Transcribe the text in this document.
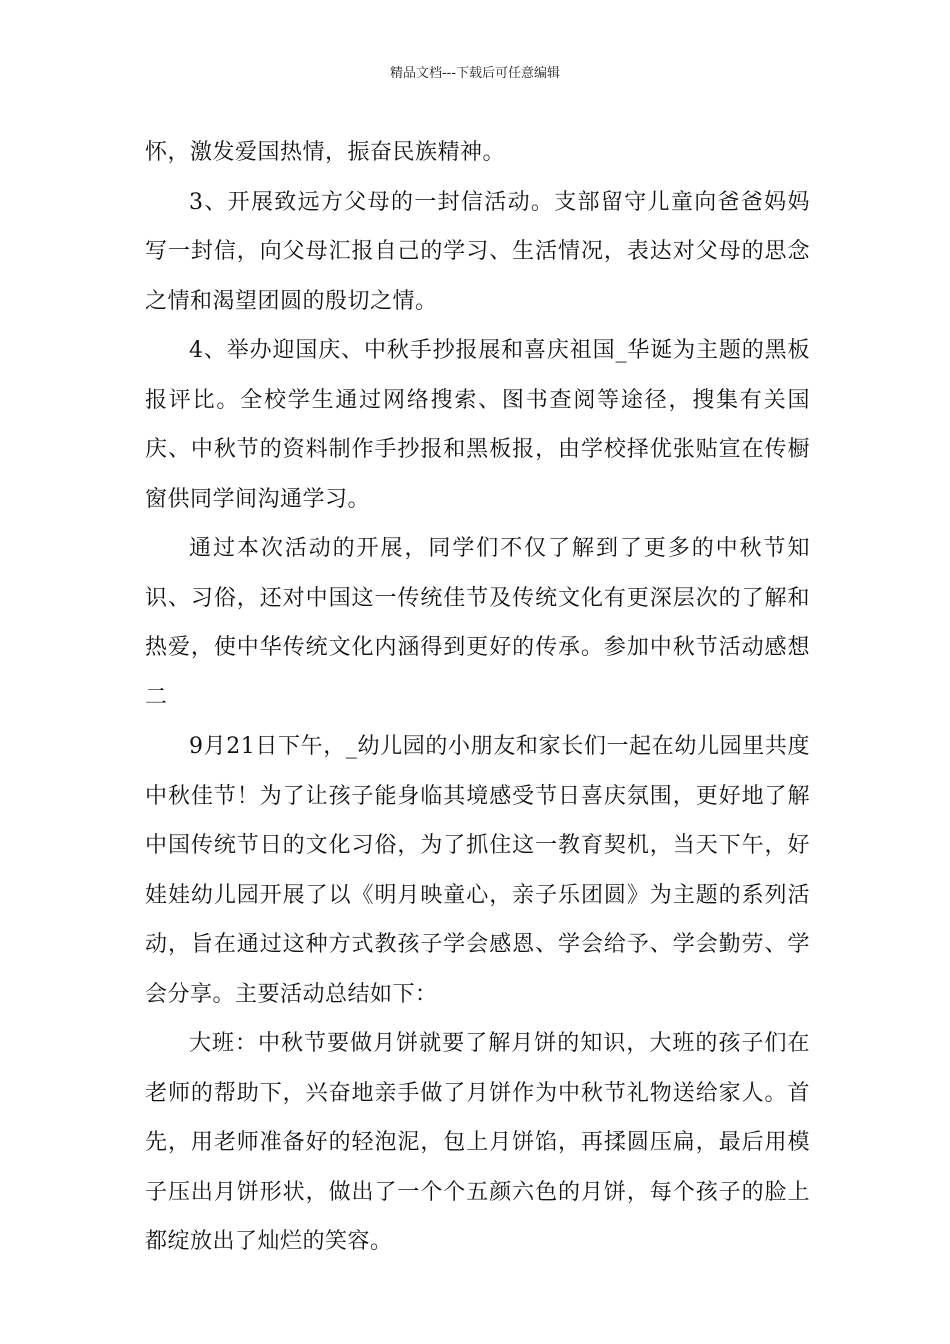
精品文档---下载后可任意编辑

怀，激发爱国热情，振奋民族精神。

3、开展致远方父母的一封信活动。支部留守儿童向爸爸妈妈写一封信，向父母汇报自己的学习、生活情况，表达对父母的思念之情和渴望团圆的殷切之情。

4、举办迎国庆、中秋手抄报展和喜庆祖国_华诞为主题的黑板报评比。全校学生通过网络搜索、图书查阅等途径，搜集有关国庆、中秋节的资料制作手抄报和黑板报，由学校择优张贴宣在传橱窗供同学间沟通学习。

通过本次活动的开展，同学们不仅了解到了更多的中秋节知识、习俗，还对中国这一传统佳节及传统文化有更深层次的了解和热爱，使中华传统文化内涵得到更好的传承。参加中秋节活动感想二

9月21日下午，_幼儿园的小朋友和家长们一起在幼儿园里共度中秋佳节！为了让孩子能身临其境感受节日喜庆氛围，更好地了解中国传统节日的文化习俗，为了抓住这一教育契机，当天下午，好娃娃幼儿园开展了以《明月映童心，亲子乐团圆》为主题的系列活动，旨在通过这种方式教孩子学会感恩、学会给予、学会勤劳、学会分享。主要活动总结如下：

大班：中秋节要做月饼就要了解月饼的知识，大班的孩子们在老师的帮助下，兴奋地亲手做了月饼作为中秋节礼物送给家人。首先，用老师准备好的轻泡泥，包上月饼馅，再揉圆压扁，最后用模子压出月饼形状，做出了一个个五颜六色的月饼，每个孩子的脸上都绽放出了灿烂的笑容。
